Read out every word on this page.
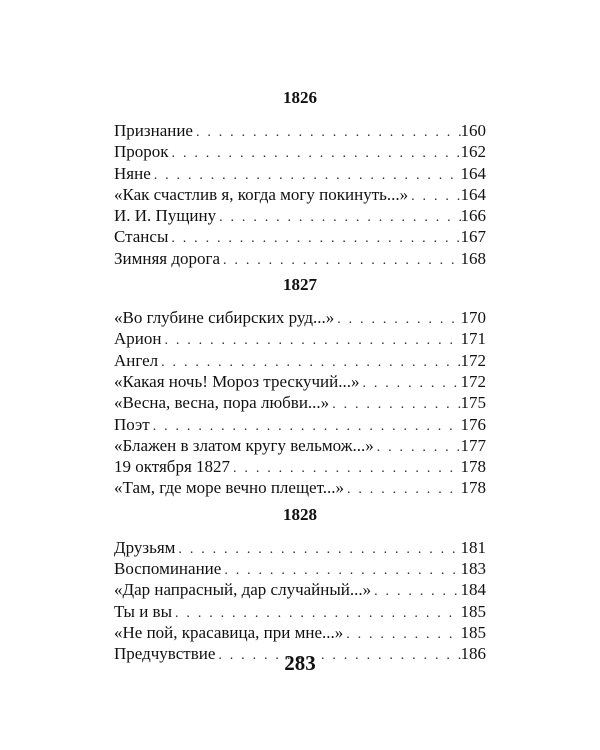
1826
Признание . . .	160
Пророк . . .	162
Няне . . .	164
«Как счастлив я, когда могу покинуть...» . . .	164
И. И. Пущину . . .	166
Стансы . . .	167
Зимняя дорога . . .	168
1827
«Во глубине сибирских руд...» . . .	170
Арион . . .	171
Ангел . . .	172
«Какая ночь! Мороз трескучий...» . . .	172
«Весна, весна, пора любви...» . . .	175
Поэт . . .	176
«Блажен в златом кругу вельмож...» . . .	177
19 октября 1827 . . .	178
«Там, где море вечно плещет...» . . .	178
1828
Друзьям . . .	181
Воспоминание . . .	183
«Дар напрасный, дар случайный...» . . .	184
Ты и вы . . .	185
«Не пой, красавица, при мне...» . . .	185
Предчувствие . . .	186
283
